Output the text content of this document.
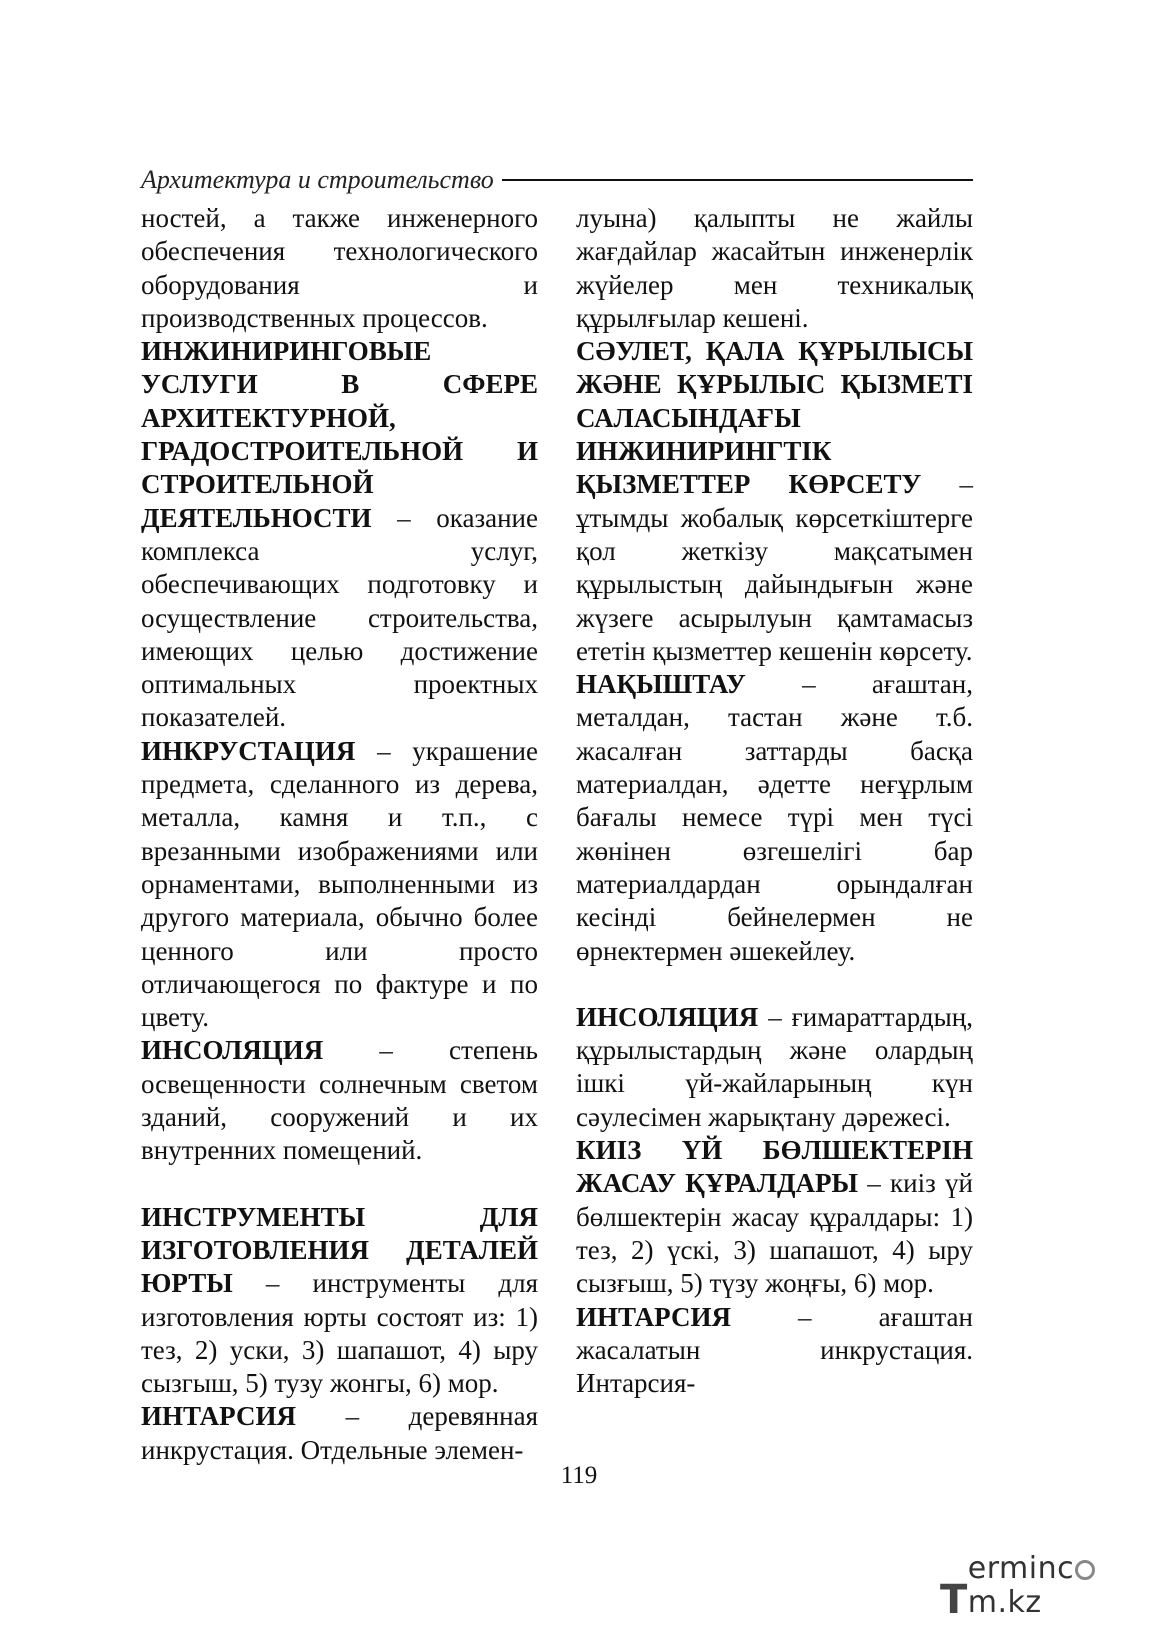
Архитектура и строительство

ностей, а также инженерного обеспечения технологического оборудования и производственных процессов.

ИНЖИНИРИНГОВЫЕ УСЛУГИ В СФЕРЕ АРХИТЕКТУРНОЙ, ГРАДОСТРОИТЕЛЬНОЙ И СТРОИТЕЛЬНОЙ ДЕЯТЕЛЬНОСТИ – оказание комплекса услуг, обеспечивающих подготовку и осуществление строительства, имеющих целью достижение оптимальных проектных показателей.

ИНКРУСТАЦИЯ – украшение предмета, сделанного из дерева, металла, камня и т.п., с врезанными изображениями или орнаментами, выполненными из другого материала, обычно более ценного или просто отличающегося по фактуре и по цвету.

ИНСОЛЯЦИЯ – степень освещенности солнечным светом зданий, сооружений и их внутренних помещений.

ИНСТРУМЕНТЫ ДЛЯ ИЗГОТОВЛЕНИЯ ДЕТАЛЕЙ ЮРТЫ – инструменты для изготовления юрты состоят из: 1) тез, 2) уски, 3) шапашот, 4) ыру сызгыш, 5) тузу жонгы, 6) мор.

ИНТАРСИЯ – деревянная инкрустация. Отдельные элемен-

луына) қалыпты не жайлы жағдайлар жасайтын инженерлік жүйелер мен техникалық құрылғылар кешені.

СӘУЛЕТ, ҚАЛА ҚҰРЫЛЫСЫ ЖӘНЕ ҚҰРЫЛЫС ҚЫЗМЕТІ САЛАСЫНДАҒЫ ИНЖИНИРИНГТІК ҚЫЗМЕТТЕР КӨРСЕТУ – ұтымды жобалық көрсеткіштерге қол жеткізу мақсатымен құрылыстың дайындығын және жүзеге асырылуын қамтамасыз ететін қызметтер кешенін көрсету.

НАҚЫШТАУ – ағаштан, металдан, тастан және т.б. жасалған заттарды басқа материалдан, әдетте неғұрлым бағалы немесе түрі мен түсі жөнінен өзгешелігі бар материалдардан орындалған кесінді бейнелермен не өрнектермен әшекейлеу.

ИНСОЛЯЦИЯ – ғимараттардың, құрылыстардың және олардың ішкі үй-жайларының күн сәулесімен жарықтану дәрежесі.

КИІЗ ҮЙ БӨЛШЕКТЕРІН ЖАСАУ ҚҰРАЛДАРЫ – киіз үй бөлшектерін жасау құралдары: 1) тез, 2) үскі, 3) шапашот, 4) ыру сызғыш, 5) түзу жоңғы, 6) мор.

ИНТАРСИЯ – ағаштан жасалатын инкрустация. Интарсия-

119
T
ermincm.kz
